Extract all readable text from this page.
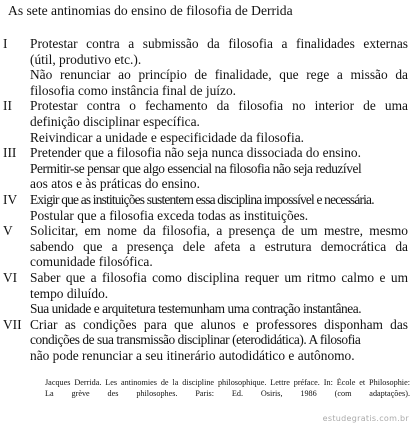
As sete antinomias do ensino de filosofia de Derrida
I Protestar contra a submissão da filosofia a finalidades externas
(útil, produtivo etc.).
Não renunciar ao princípio de finalidade, que rege a missão da
filosofia como instância final de juízo.
II Protestar contra o fechamento da filosofia no interior de uma
definição disciplinar específica.
Reivindicar a unidade e especificidade da filosofia.
III Pretender que a filosofia não seja nunca dissociada do ensino.
Permitir-se pensar que algo essencial na filosofia não seja reduzível
aos atos e às práticas do ensino.
IV Exigir que as instituições sustentem essa disciplina impossível e necessária.
Postular que a filosofia exceda todas as instituições.
V Solicitar, em nome da filosofia, a presença de um mestre, mesmo
sabendo que a presença dele afeta a estrutura democrática da
comunidade filosófica.
VI Saber que a filosofia como disciplina requer um ritmo calmo e um
tempo diluído.
Sua unidade e arquitetura testemunham uma contração instantânea.
VII Criar as condições para que alunos e professores disponham das
condições de sua transmissão disciplinar (eterodidática). A filosofia
não pode renunciar a seu itinerário autodidático e autônomo.
Jacques Derrida. Les antinomies de la discipline philosophique. Lettre préface. In: École et Philosophie:
La grève des philosophes. Paris: Ed. Osiris, 1986 (com adaptações).
estudegratis.com.br
